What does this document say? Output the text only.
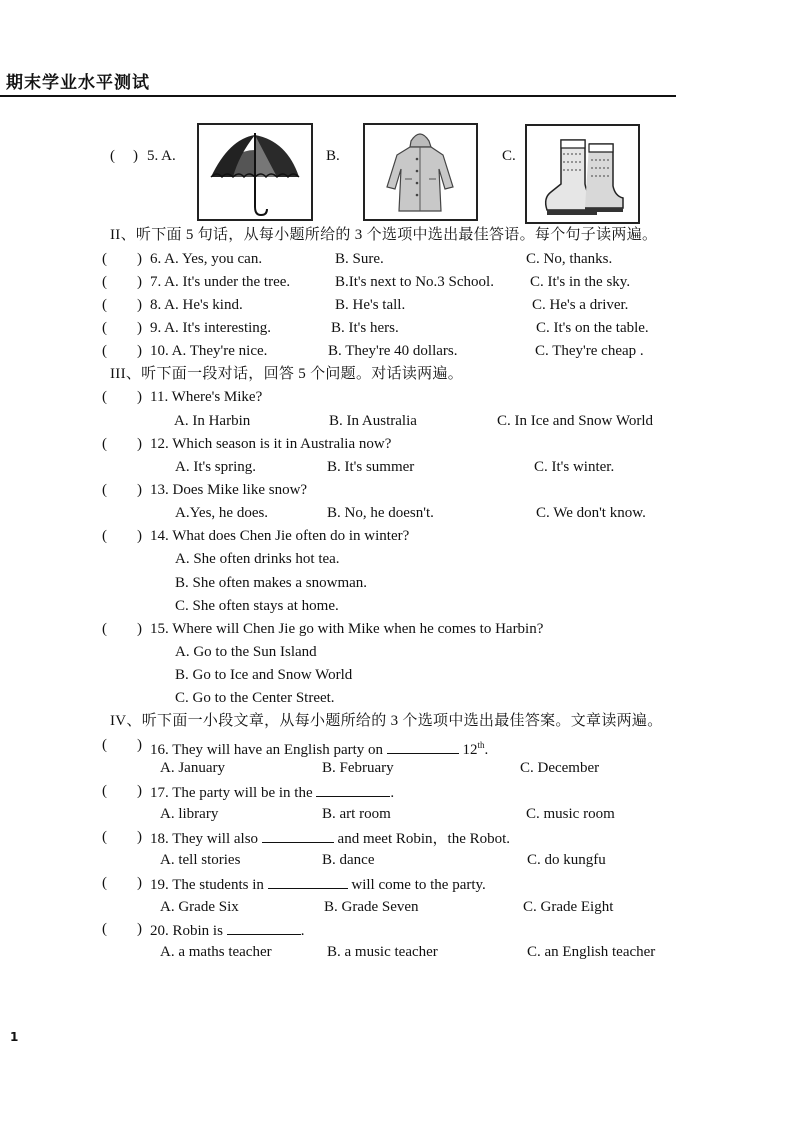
期末学业水平测试
( ) 5. A.	B.	C.
II、听下面 5 句话，从每小题所给的 3 个选项中选出最佳答语。每个句子读两遍。
(　　) 6. A. Yes, you can.	B. Sure.	C. No, thanks.
(　　) 7. A. It's under the tree.	B.It's next to No.3 School. C. It's in the sky.
(　　) 8. A. He's kind.	B. He's tall.	C. He's a driver.
(　　) 9. A. It's interesting.	B. It's hers.	C. It's on the table.
(　　) 10. A. They're nice.	B. They're 40 dollars.	C. They're cheap .
III、听下面一段对话，回答 5 个问题。对话读两遍。
(　　) 11. Where's Mike?
A. In Harbin	B. In Australia	C. In Ice and Snow World
(　　) 12. Which season is it in Australia now?
A. It's spring.	B. It's summer	C. It's winter.
(　　) 13. Does Mike like snow?
A.Yes, he does.	B. No, he doesn't.	C. We don't know.
(　　) 14. What does Chen Jie often do in winter?
A. She often drinks hot tea.
B. She often makes a snowman.
C. She often stays at home.
(　　) 15. Where will Chen Jie go with Mike when he comes to Harbin?
A. Go to the Sun Island
B. Go to Ice and Snow World
C. Go to the Center Street.
IV、听下面一小段文章，从每小题所给的 3 个选项中选出最佳答案。文章读两遍。
(　　) 16. They will have an English party on	12th.
A. January	B. February	C. December
(　　) 17. The party will be in the	.
A. library	B. art room	C. music room
(　　) 18. They will also	and meet Robin，the Robot.
A. tell stories	B. dance	C. do kungfu
(　　) 19. The students in	will come to the party.
A. Grade Six	B. Grade Seven	C. Grade Eight
(　　) 20. Robin is	.
A. a maths teacher	B. a music teacher	C. an English teacher
1
